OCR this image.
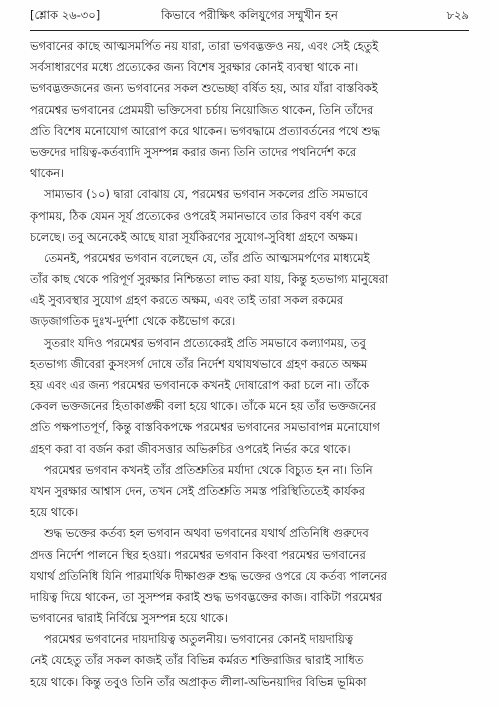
[শ্লোক ২৬-৩০]	কিভাবে পরীক্ষিৎ কলিযুগের সম্মুখীন হন	৮২৯
ভগবানের কাছে আত্মসমর্পিত নয় যারা, তারা ভগবদ্ভক্তও নয়, এবং সেই হেতুই
সর্বসাধারণের মধ্যে প্রত্যেকের জন্য বিশেষ সুরক্ষার কোনই ব্যবস্থা থাকে না।
ভগবদ্ভক্তজনের জন্য ভগবানের সকল শুভেচ্ছা বর্ষিত হয়, আর যাঁরা বাস্তবিকই
পরমেশ্বর ভগবানের প্রেমময়ী ভক্তিসেবা চর্চায় নিয়োজিত থাকেন, তিনি তাঁদের
প্রতি বিশেষ মনোযোগ আরোপ করে থাকেন। ভগবদ্ধামে প্রত্যাবর্তনের পথে শুদ্ধ
ভক্তদের দায়িত্ব-কর্তব্যাদি সুসম্পন্ন করার জন্য তিনি তাদের পথনির্দেশ করে
থাকেন।
সাম্যভাব (১০) দ্বারা বোঝায় যে, পরমেশ্বর ভগবান সকলের প্রতি সমভাবে
কৃপাময়, ঠিক যেমন সূর্য প্রত্যেকের ওপরেই সমানভাবে তার কিরণ বর্ষণ করে
চলেছে। তবু অনেকেই আছে যারা সূর্যকিরণের সুযোগ-সুবিধা গ্রহণে অক্ষম।
তেমনই, পরমেশ্বর ভগবান বলেছেন যে, তাঁর প্রতি আত্মসমর্পণের মাধ্যমেই
তাঁর কাছ থেকে পরিপূর্ণ সুরক্ষার নিশ্চিন্ততা লাভ করা যায়, কিন্তু হতভাগ্য মানুষেরা
এই সুব্যবস্থার সুযোগ গ্রহণ করতে অক্ষম, এবং তাই তারা সকল রকমের
জড়জাগতিক দুঃখ-দুর্দশা থেকে কষ্টভোগ করে।
সুতরাং যদিও পরমেশ্বর ভগবান প্রত্যেকেরই প্রতি সমভাবে কল্যাণময়, তবু
হতভাগ্য জীবেরা কুসংসর্গ দোষে তাঁর নির্দেশ যথাযথভাবে গ্রহণ করতে অক্ষম
হয় এবং এর জন্য পরমেশ্বর ভগবানকে কখনই দোষারোপ করা চলে না। তাঁকে
কেবল ভক্তজনের হিতাকাঙ্ক্ষী বলা হয়ে থাকে। তাঁকে মনে হয় তাঁর ভক্তজনের
প্রতি পক্ষপাতপূর্ণ, কিন্তু বাস্তবিকপক্ষে পরমেশ্বর ভগবানের সমভাবাপন্ন মনোযোগ
গ্রহণ করা বা বর্জন করা জীবসত্তার অভিরুচির ওপরেই নির্ভর করে থাকে।
পরমেশ্বর ভগবান কখনই তাঁর প্রতিশ্রুতির মর্যাদা থেকে বিচ্যুত হন না। তিনি
যখন সুরক্ষার আশ্বাস দেন, তখন সেই প্রতিশ্রুতি সমস্ত পরিস্থিতিতেই কার্যকর
হয়ে থাকে।
শুদ্ধ ভক্তের কর্তব্য হল ভগবান অথবা ভগবানের যথার্থ প্রতিনিধি গুরুদেব
প্রদত্ত নির্দেশ পালনে স্থির হওয়া। পরমেশ্বর ভগবান কিংবা পরমেশ্বর ভগবানের
যথার্থ প্রতিনিধি যিনি পারমার্থিক দীক্ষাগুরু শুদ্ধ ভক্তের ওপরে যে কর্তব্য পালনের
দায়িত্ব দিয়ে থাকেন, তা সুসম্পন্ন করাই শুদ্ধ ভগবদ্ভক্তের কাজ। বাকিটা পরমেশ্বর
ভগবানের দ্বারাই নির্বিঘ্নে সুসম্পন্ন হয়ে থাকে।
পরমেশ্বর ভগবানের দায়দায়িত্ব অতুলনীয়। ভগবানের কোনই দায়দায়িত্ব
নেই যেহেতু তাঁর সকল কাজই তাঁর বিভিন্ন কর্মরত শক্তিরাজির দ্বারাই সাধিত
হয়ে থাকে। কিন্তু তবুও তিনি তাঁর অপ্রাকৃত লীলা-অভিনয়াদির বিভিন্ন ভূমিকা
